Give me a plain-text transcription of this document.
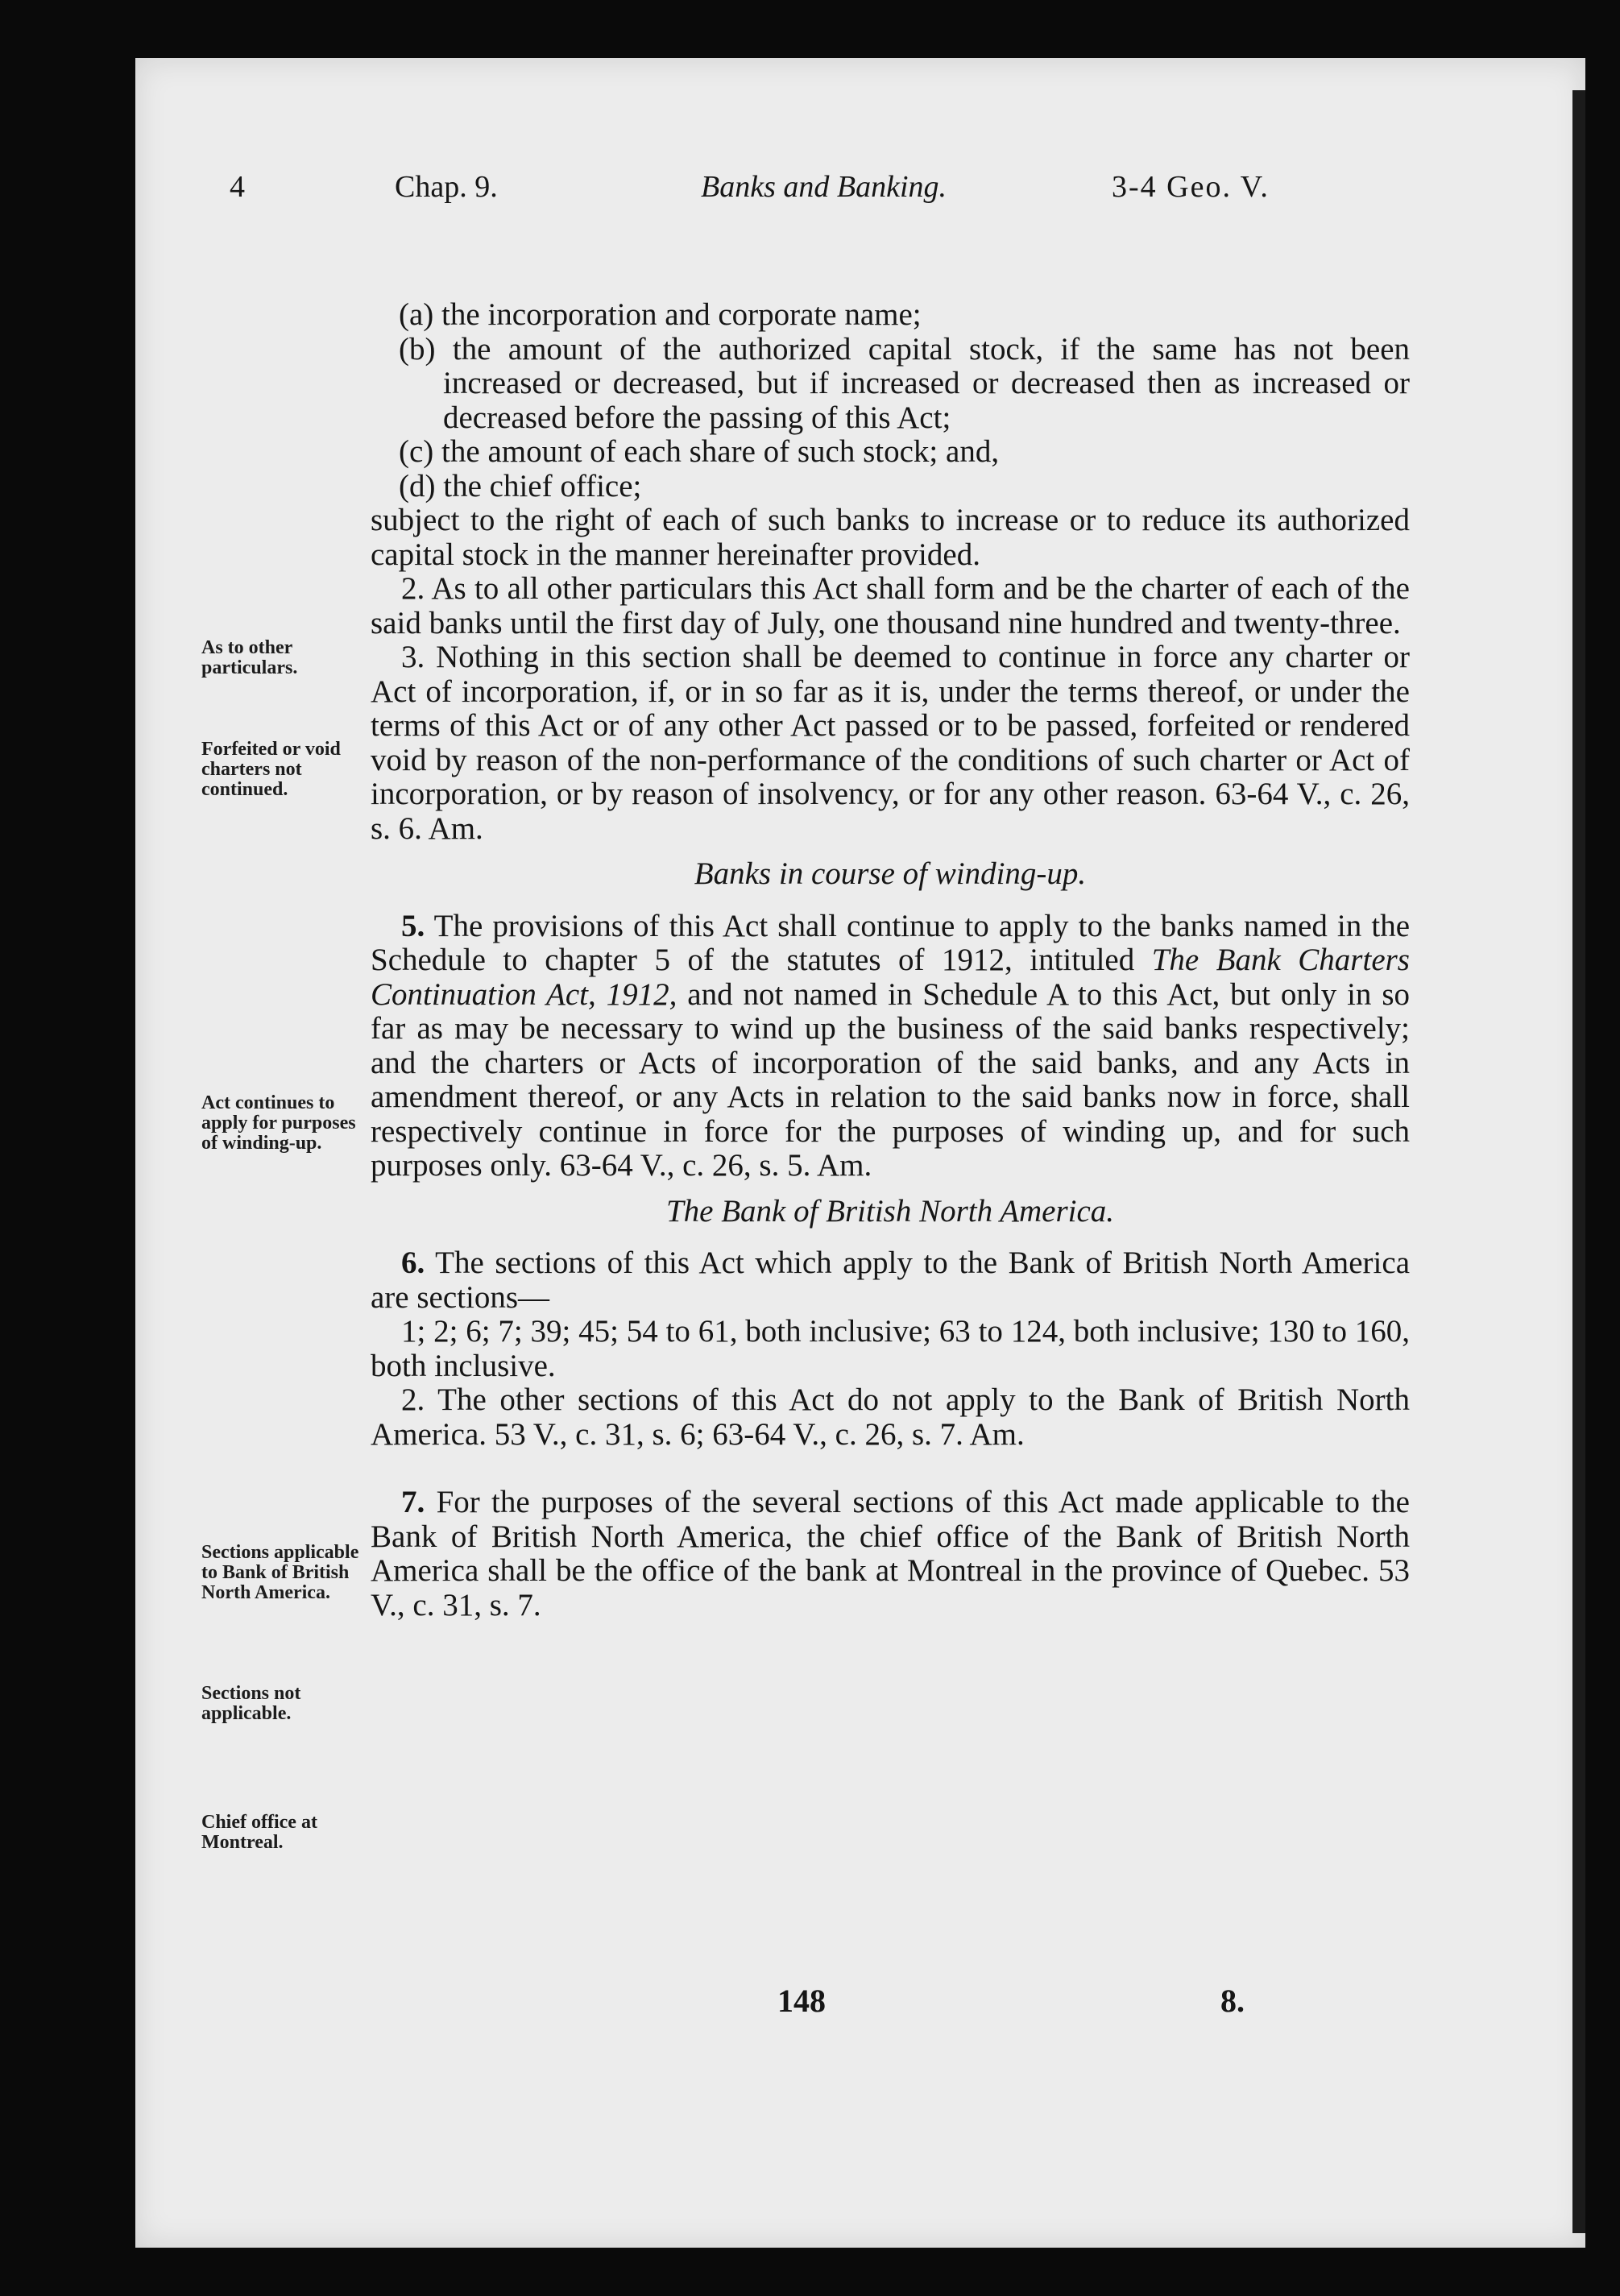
4	Chap. 9.	Banks and Banking.	3-4 Geo. V.
(a) the incorporation and corporate name;
(b) the amount of the authorized capital stock, if the same has not been increased or decreased, but if increased or decreased then as increased or decreased before the passing of this Act;
(c) the amount of each share of such stock; and,
(d) the chief office;
subject to the right of each of such banks to increase or to reduce its authorized capital stock in the manner hereinafter provided.
2. As to all other particulars this Act shall form and be the charter of each of the said banks until the first day of July, one thousand nine hundred and twenty-three.
3. Nothing in this section shall be deemed to continue in force any charter or Act of incorporation, if, or in so far as it is, under the terms thereof, or under the terms of this Act or of any other Act passed or to be passed, forfeited or rendered void by reason of the non-performance of the conditions of such charter or Act of incorporation, or by reason of insolvency, or for any other reason. 63-64 V., c. 26, s. 6. Am.
Banks in course of winding-up.
5. The provisions of this Act shall continue to apply to the banks named in the Schedule to chapter 5 of the statutes of 1912, intituled The Bank Charters Continuation Act, 1912, and not named in Schedule A to this Act, but only in so far as may be necessary to wind up the business of the said banks respectively; and the charters or Acts of incorporation of the said banks, and any Acts in amendment thereof, or any Acts in relation to the said banks now in force, shall respectively continue in force for the purposes of winding up, and for such purposes only. 63-64 V., c. 26, s. 5. Am.
The Bank of British North America.
6. The sections of this Act which apply to the Bank of British North America are sections—
1; 2; 6; 7; 39; 45; 54 to 61, both inclusive; 63 to 124, both inclusive; 130 to 160, both inclusive.
2. The other sections of this Act do not apply to the Bank of British North America. 53 V., c. 31, s. 6; 63-64 V., c. 26, s. 7. Am.
7. For the purposes of the several sections of this Act made applicable to the Bank of British North America, the chief office of the Bank of British North America shall be the office of the bank at Montreal in the province of Quebec. 53 V., c. 31, s. 7.
As to other particulars.
Forfeited or void charters not continued.
Act continues to apply for purposes of winding-up.
Sections applicable to Bank of British North America.
Sections not applicable.
Chief office at Montreal.
148	8.
